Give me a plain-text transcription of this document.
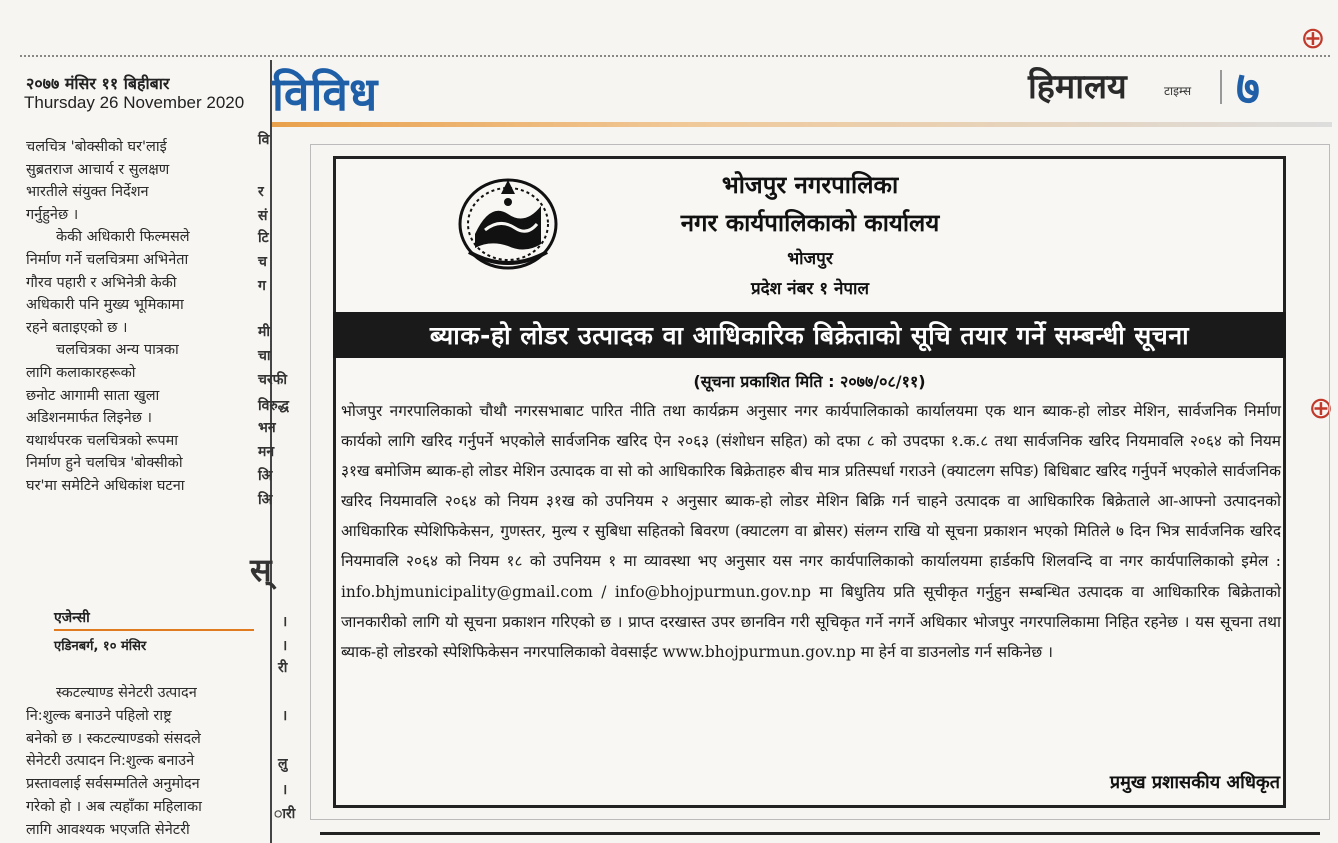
⊕
⊕
२०७७ मंसिर ११ बिहीबार
Thursday 26 November 2020

चलचित्र 'बोक्सीको घर'लाई

सुब्रतराज आचार्य र सुलक्षण

भारतीले संयुक्त निर्देशन

गर्नुहुनेछ ।

केकी अधिकारी फिल्मसले

निर्माण गर्ने चलचित्रमा अभिनेता

गौरव पहारी र अभिनेत्री केकी

अधिकारी पनि मुख्य भूमिकामा

रहने बताइएको छ ।

चलचित्रका अन्य पात्रका

लागि कलाकारहरूको

छनोट आगामी साता खुला

अडिशनमार्फत लिइनेछ ।

यथार्थपरक चलचित्रको रूपमा

निर्माण हुने चलचित्र 'बोक्सीको

घर'मा समेटिने अधिकांश घटना

एजेन्सी
एडिनबर्ग, १० मंसिर

स्कटल्याण्ड सेनेटरी उत्पादन

नि:शुल्क बनाउने पहिलो राष्ट्र

बनेको छ । स्कटल्याण्डको संसदले

सेनेटरी उत्पादन नि:शुल्क बनाउने

प्रस्तावलाई सर्वसम्मतिले अनुमोदन

गरेको हो । अब त्यहाँका महिलाका

लागि आवश्यक भएजति सेनेटरी

वि
र
सं
टि
च
ग
मी
चा
चरफी
विरुद्ध
भन
मन
अि
अि
स्
।
।
री
।
लु
।
ारी
विविध	हिमालय	टाइम्स ७
भोजपुर नगरपालिका
नगर कार्यपालिकाको कार्यालय
भोजपुर
प्रदेश नंबर १ नेपाल
ब्याक-हो लोडर उत्पादक वा आधिकारिक बिक्रेताको सूचि तयार गर्ने सम्बन्धी सूचना
(सूचना प्रकाशित मिति : २०७७/०८/११)
भोजपुर नगरपालिकाको चौथौ नगरसभाबाट पारित नीति तथा कार्यक्रम अनुसार नगर कार्यपालिकाको कार्यालयमा एक थान ब्याक-हो लोडर मेशिन, सार्वजनिक निर्माण कार्यको लागि खरिद गर्नुपर्ने भएकोले सार्वजनिक खरिद ऐन २०६३ (संशोधन सहित) को दफा ८ को उपदफा १.क.८ तथा सार्वजनिक खरिद नियमावलि २०६४ को नियम ३१ख बमोजिम ब्याक-हो लोडर मेशिन उत्पादक वा सो को आधिकारिक बिक्रेताहरु बीच मात्र प्रतिस्पर्धा गराउने (क्याटलग सपिङ) बिधिबाट खरिद गर्नुपर्ने भएकोले सार्वजनिक खरिद नियमावलि २०६४ को नियम ३१ख को उपनियम २ अनुसार ब्याक-हो लोडर मेशिन बिक्रि गर्न चाहने उत्पादक वा आधिकारिक बिक्रेताले आ-आफ्नो उत्पादनको आधिकारिक स्पेशिफिकेसन, गुणस्तर, मुल्य र सुबिधा सहितको बिवरण (क्याटलग वा ब्रोसर) संलग्न राखि यो सूचना प्रकाशन भएको मितिले ७ दिन भित्र सार्वजनिक खरिद नियमावलि २०६४ को नियम १८ को उपनियम १ मा व्यावस्था भए अनुसार यस नगर कार्यपालिकाको कार्यालयमा हार्डकपि शिलवन्दि वा नगर कार्यपालिकाको इमेल : info.bhjmunicipality@gmail.com / info@bhojpurmun.gov.np मा बिधुतिय प्रति सूचीकृत गर्नुहुन सम्बन्धित उत्पादक वा आधिकारिक बिक्रेताको जानकारीको लागि यो सूचना प्रकाशन गरिएको छ । प्राप्त दरखास्त उपर छानविन गरी सूचिकृत गर्ने नगर्ने अधिकार भोजपुर नगरपालिकामा निहित रहनेछ । यस सूचना तथा ब्याक-हो लोडरको स्पेशिफिकेसन नगरपालिकाको वेवसाईट www.bhojpurmun.gov.np मा हेर्न वा डाउनलोड गर्न सकिनेछ ।
प्रमुख प्रशासकीय अधिकृत
